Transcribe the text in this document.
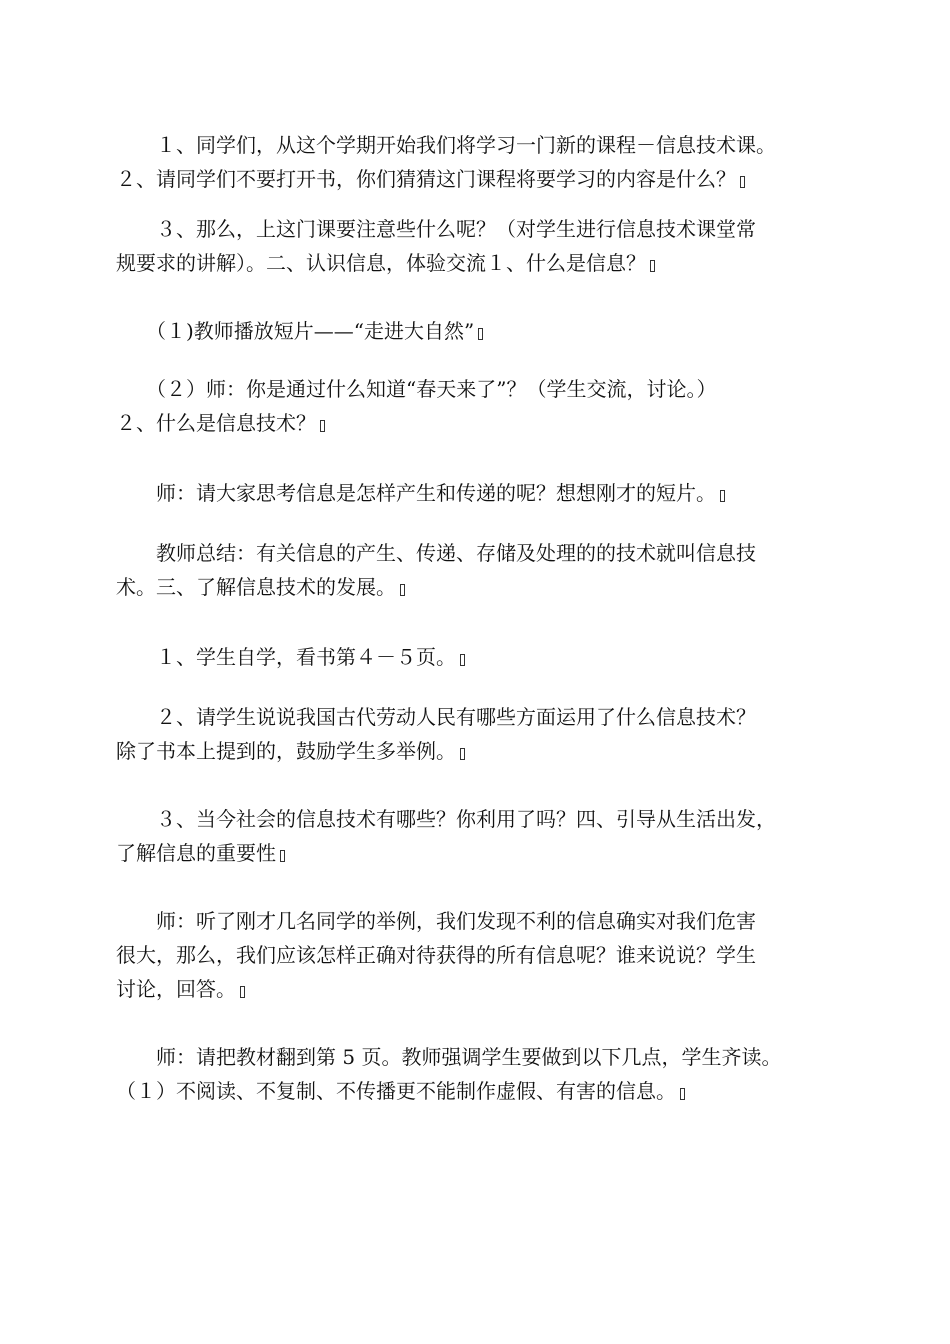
　　１、同学们，从这个学期开始我们将学习一门新的课程－信息技术课。
２、请同学们不要打开书，你们猜猜这门课程将要学习的内容是什么？
　　３、那么，上这门课要注意些什么呢？（对学生进行信息技术课堂常
规要求的讲解）。二、认识信息，体验交流１、什么是信息？
　　（１)教师播放短片——“走进大自然”
　　（２）师：你是通过什么知道“春天来了”？（学生交流，讨论。）
２、什么是信息技术？
　　师：请大家思考信息是怎样产生和传递的呢？想想刚才的短片。
　　教师总结：有关信息的产生、传递、存储及处理的的技术就叫信息技
术。三、了解信息技术的发展。
　　１、学生自学，看书第４－５页。
　　２、请学生说说我国古代劳动人民有哪些方面运用了什么信息技术？
除了书本上提到的，鼓励学生多举例。
　　３、当今社会的信息技术有哪些？你利用了吗？四、引导从生活出发，
了解信息的重要性
　　师：听了刚才几名同学的举例，我们发现不利的信息确实对我们危害
很大，那么，我们应该怎样正确对待获得的所有信息呢？谁来说说？学生
讨论，回答。
　　师：请把教材翻到第 5 页。教师强调学生要做到以下几点，学生齐读。
（１）不阅读、不复制、不传播更不能制作虚假、有害的信息。
